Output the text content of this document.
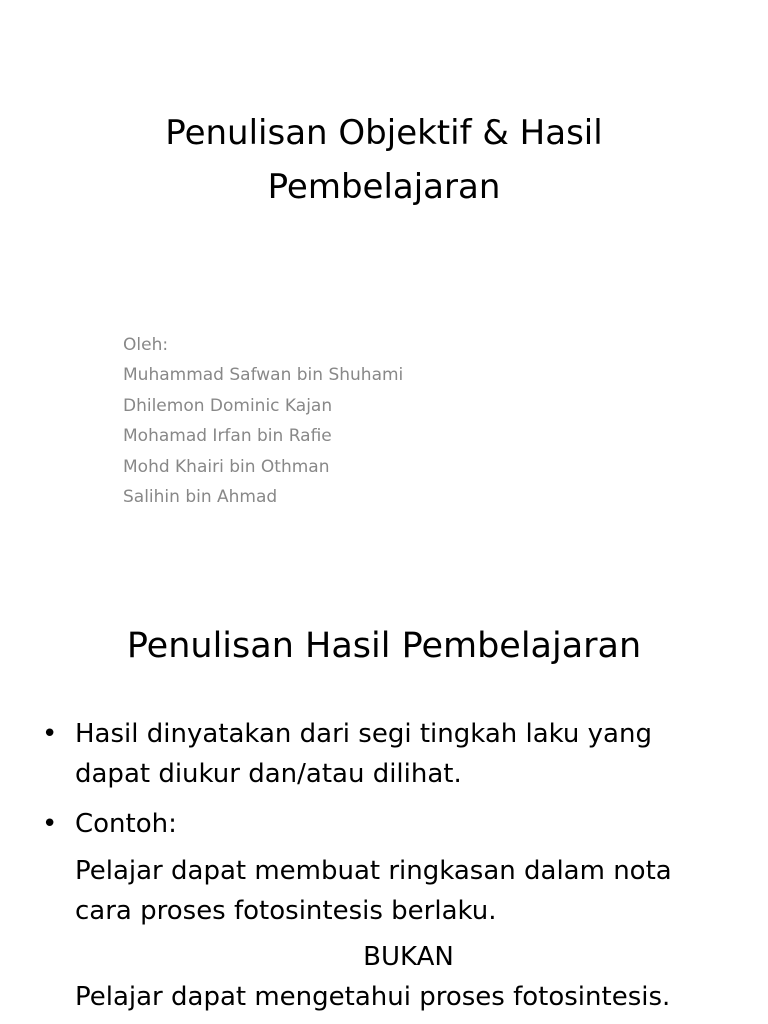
Penulisan Objektif & Hasil
Pembelajaran
Oleh:
Muhammad Safwan bin Shuhami
Dhilemon Dominic Kajan
Mohamad Irfan bin Rafie
Mohd Khairi bin Othman
Salihin bin Ahmad
Penulisan Hasil Pembelajaran
• Hasil dinyatakan dari segi tingkah laku yang
dapat diukur dan/atau dilihat.
• Contoh:
Pelajar dapat membuat ringkasan dalam nota
cara proses fotosintesis berlaku.
BUKAN
Pelajar dapat mengetahui proses fotosintesis.
